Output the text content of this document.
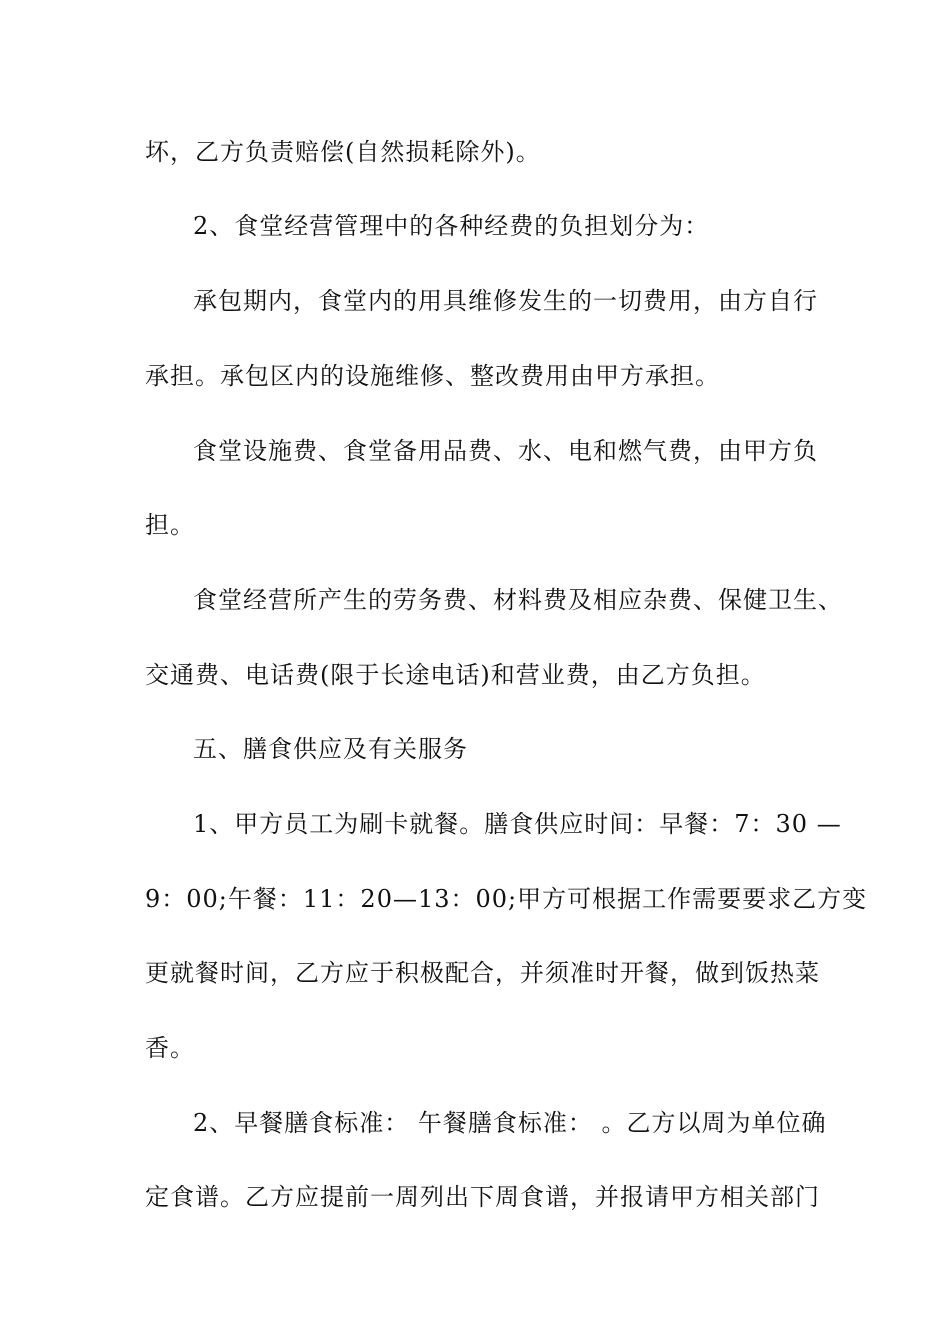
坏，乙方负责赔偿(自然损耗除外)。
2、食堂经营管理中的各种经费的负担划分为：
承包期内，食堂内的用具维修发生的一切费用，由方自行
承担。承包区内的设施维修、整改费用由甲方承担。
食堂设施费、食堂备用品费、水、电和燃气费，由甲方负
担。
食堂经营所产生的劳务费、材料费及相应杂费、保健卫生、
交通费、电话费(限于长途电话)和营业费，由乙方负担。
五、膳食供应及有关服务
1、甲方员工为刷卡就餐。膳食供应时间：早餐：7：30 —
9：00;午餐：11：20—13：00;甲方可根据工作需要要求乙方变
更就餐时间，乙方应于积极配合，并须准时开餐，做到饭热菜
香。
2、早餐膳食标准： 午餐膳食标准： 。乙方以周为单位确
定食谱。乙方应提前一周列出下周食谱，并报请甲方相关部门
